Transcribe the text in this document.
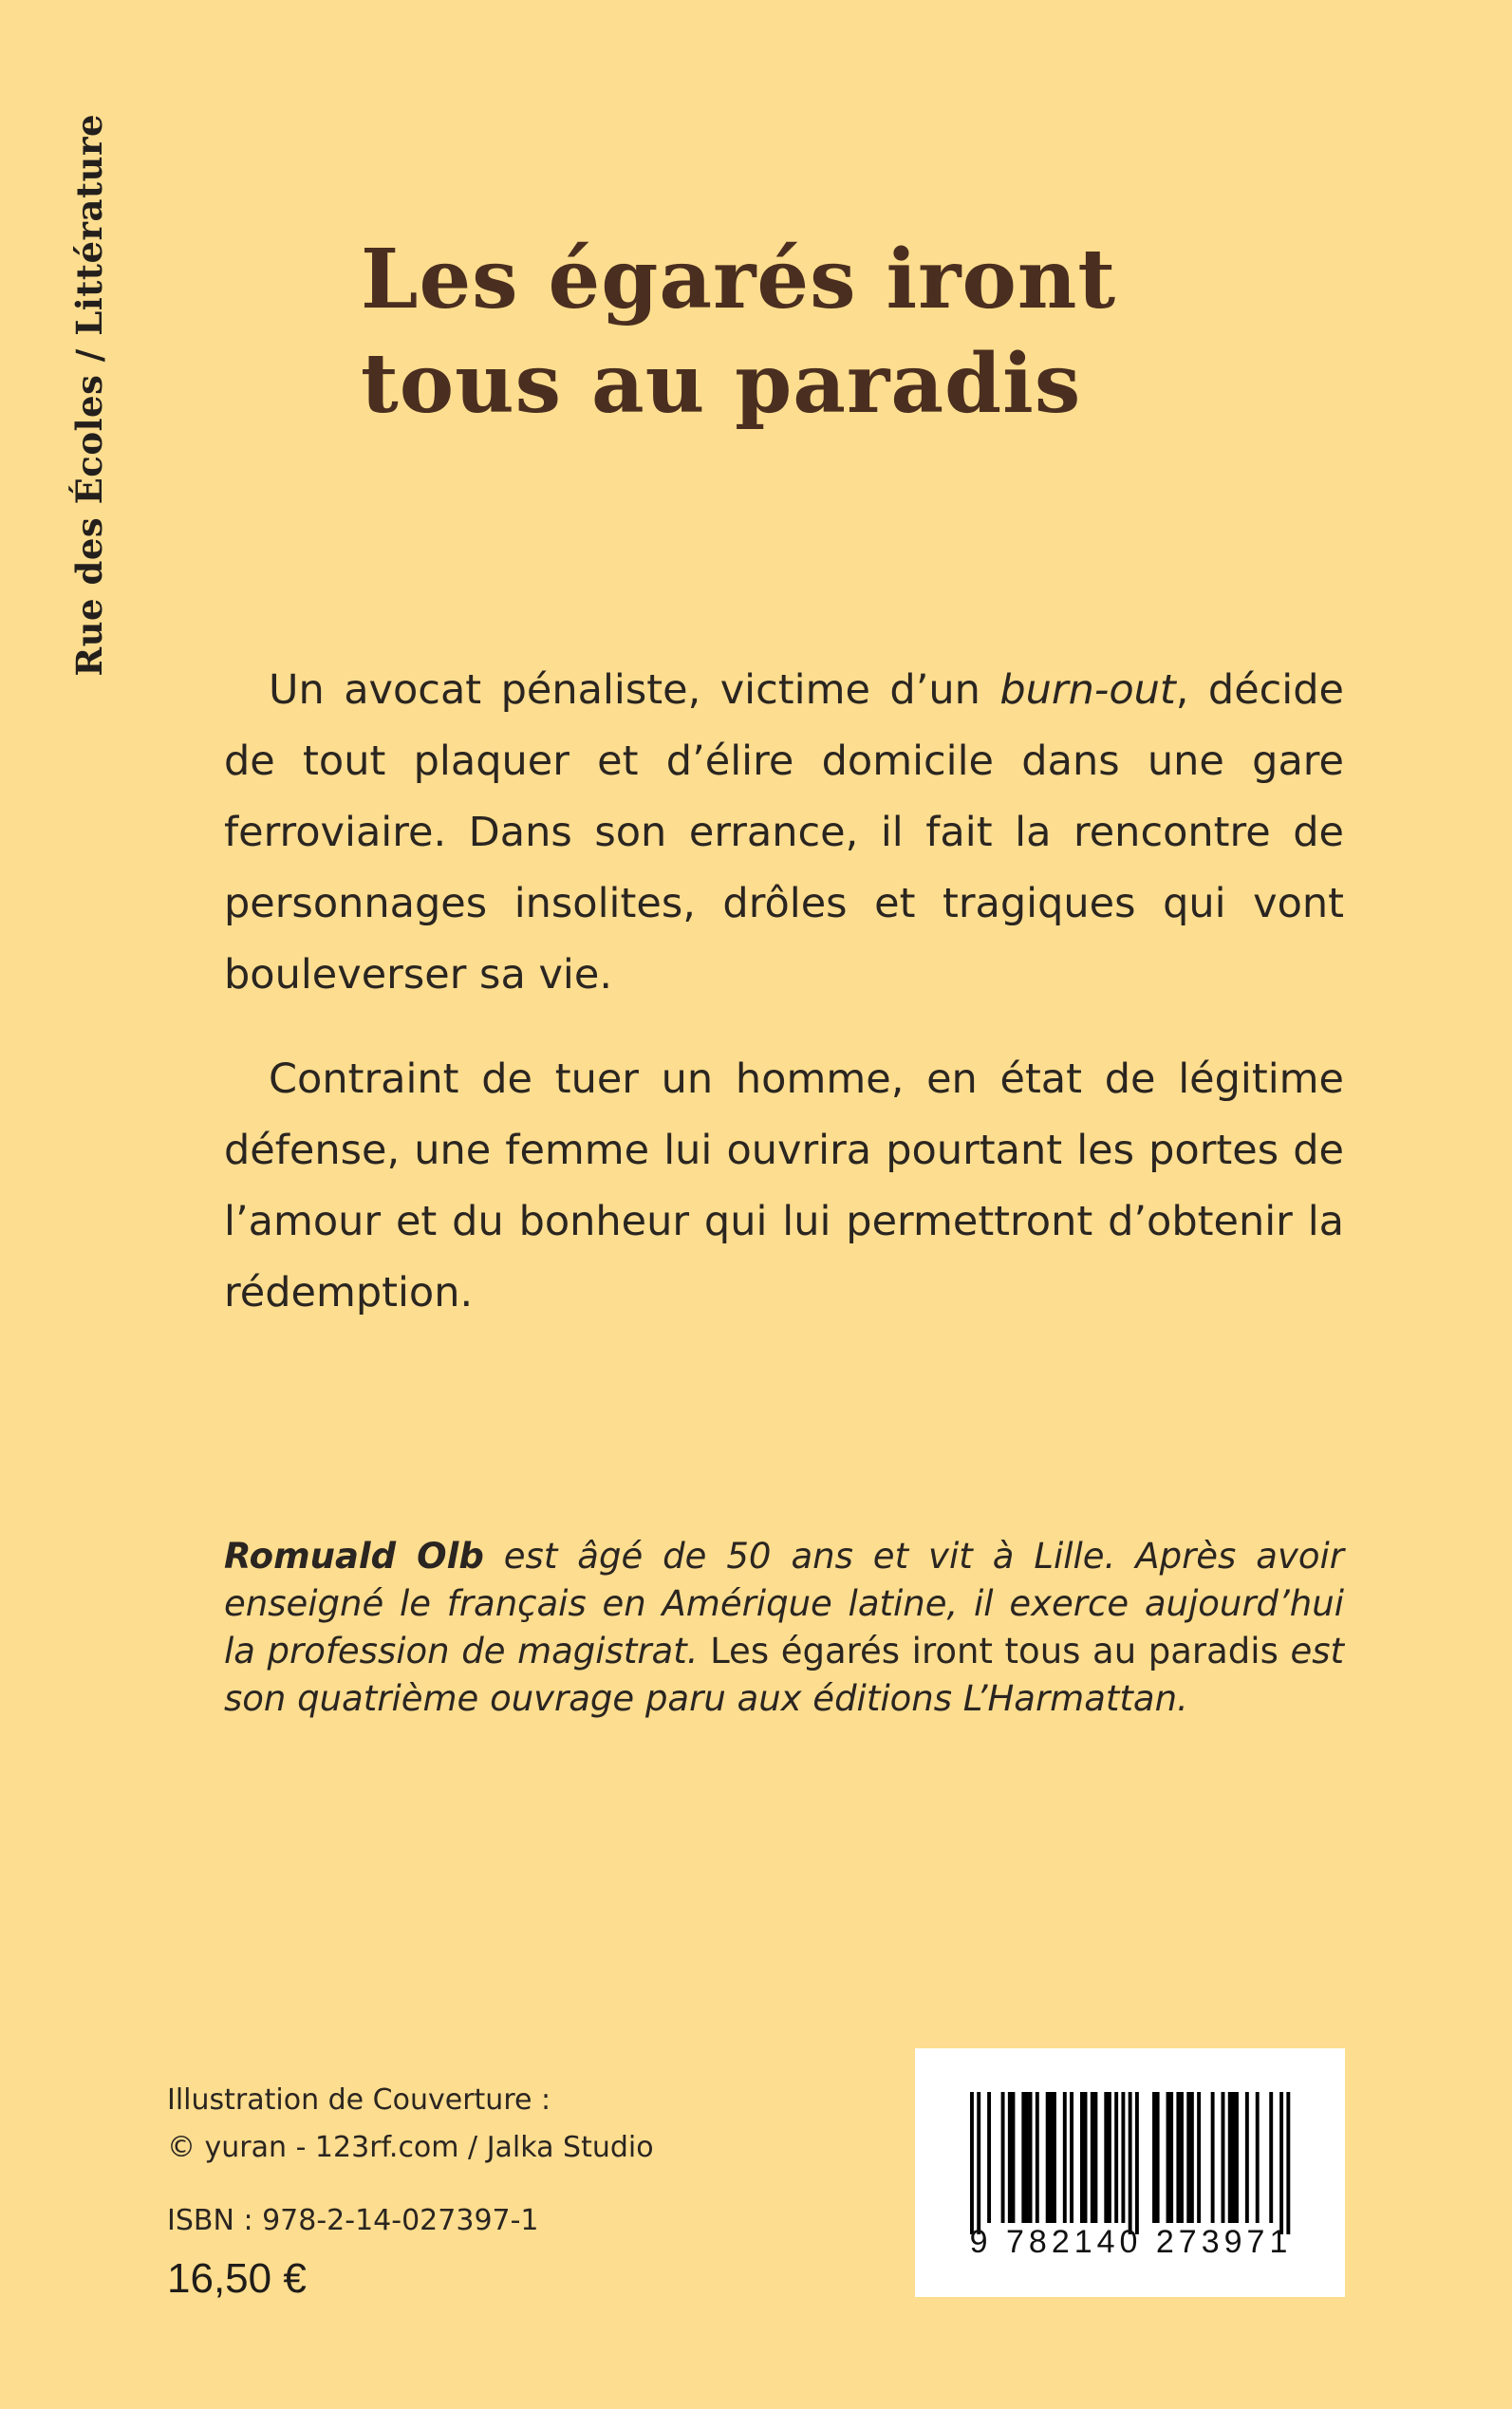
Rue des Écoles / Littérature	Les égarés iront
tous au paradis

Un avocat pénaliste, victime d’un burn-out, décide de tout plaquer et d’élire domicile dans une gare ferroviaire. Dans son errance, il fait la rencontre de personnages insolites, drôles et tragiques qui vont bouleverser sa vie.

Contraint de tuer un homme, en état de légitime défense, une femme lui ouvrira pourtant les portes de l’amour et du bonheur qui lui permettront d’obtenir la rédemption.

Romuald Olb est âgé de 50 ans et vit à Lille. Après avoir enseigné le français en Amérique latine, il exerce aujourd’hui la profession de magistrat. Les égarés iront tous au paradis est son quatrième ouvrage paru aux éditions L’Harmattan.
Illustration de Couverture :
© yuran - 123rf.com / Jalka Studio
ISBN : 978-2-14-027397-1
16,50 €
9 782140 273971
